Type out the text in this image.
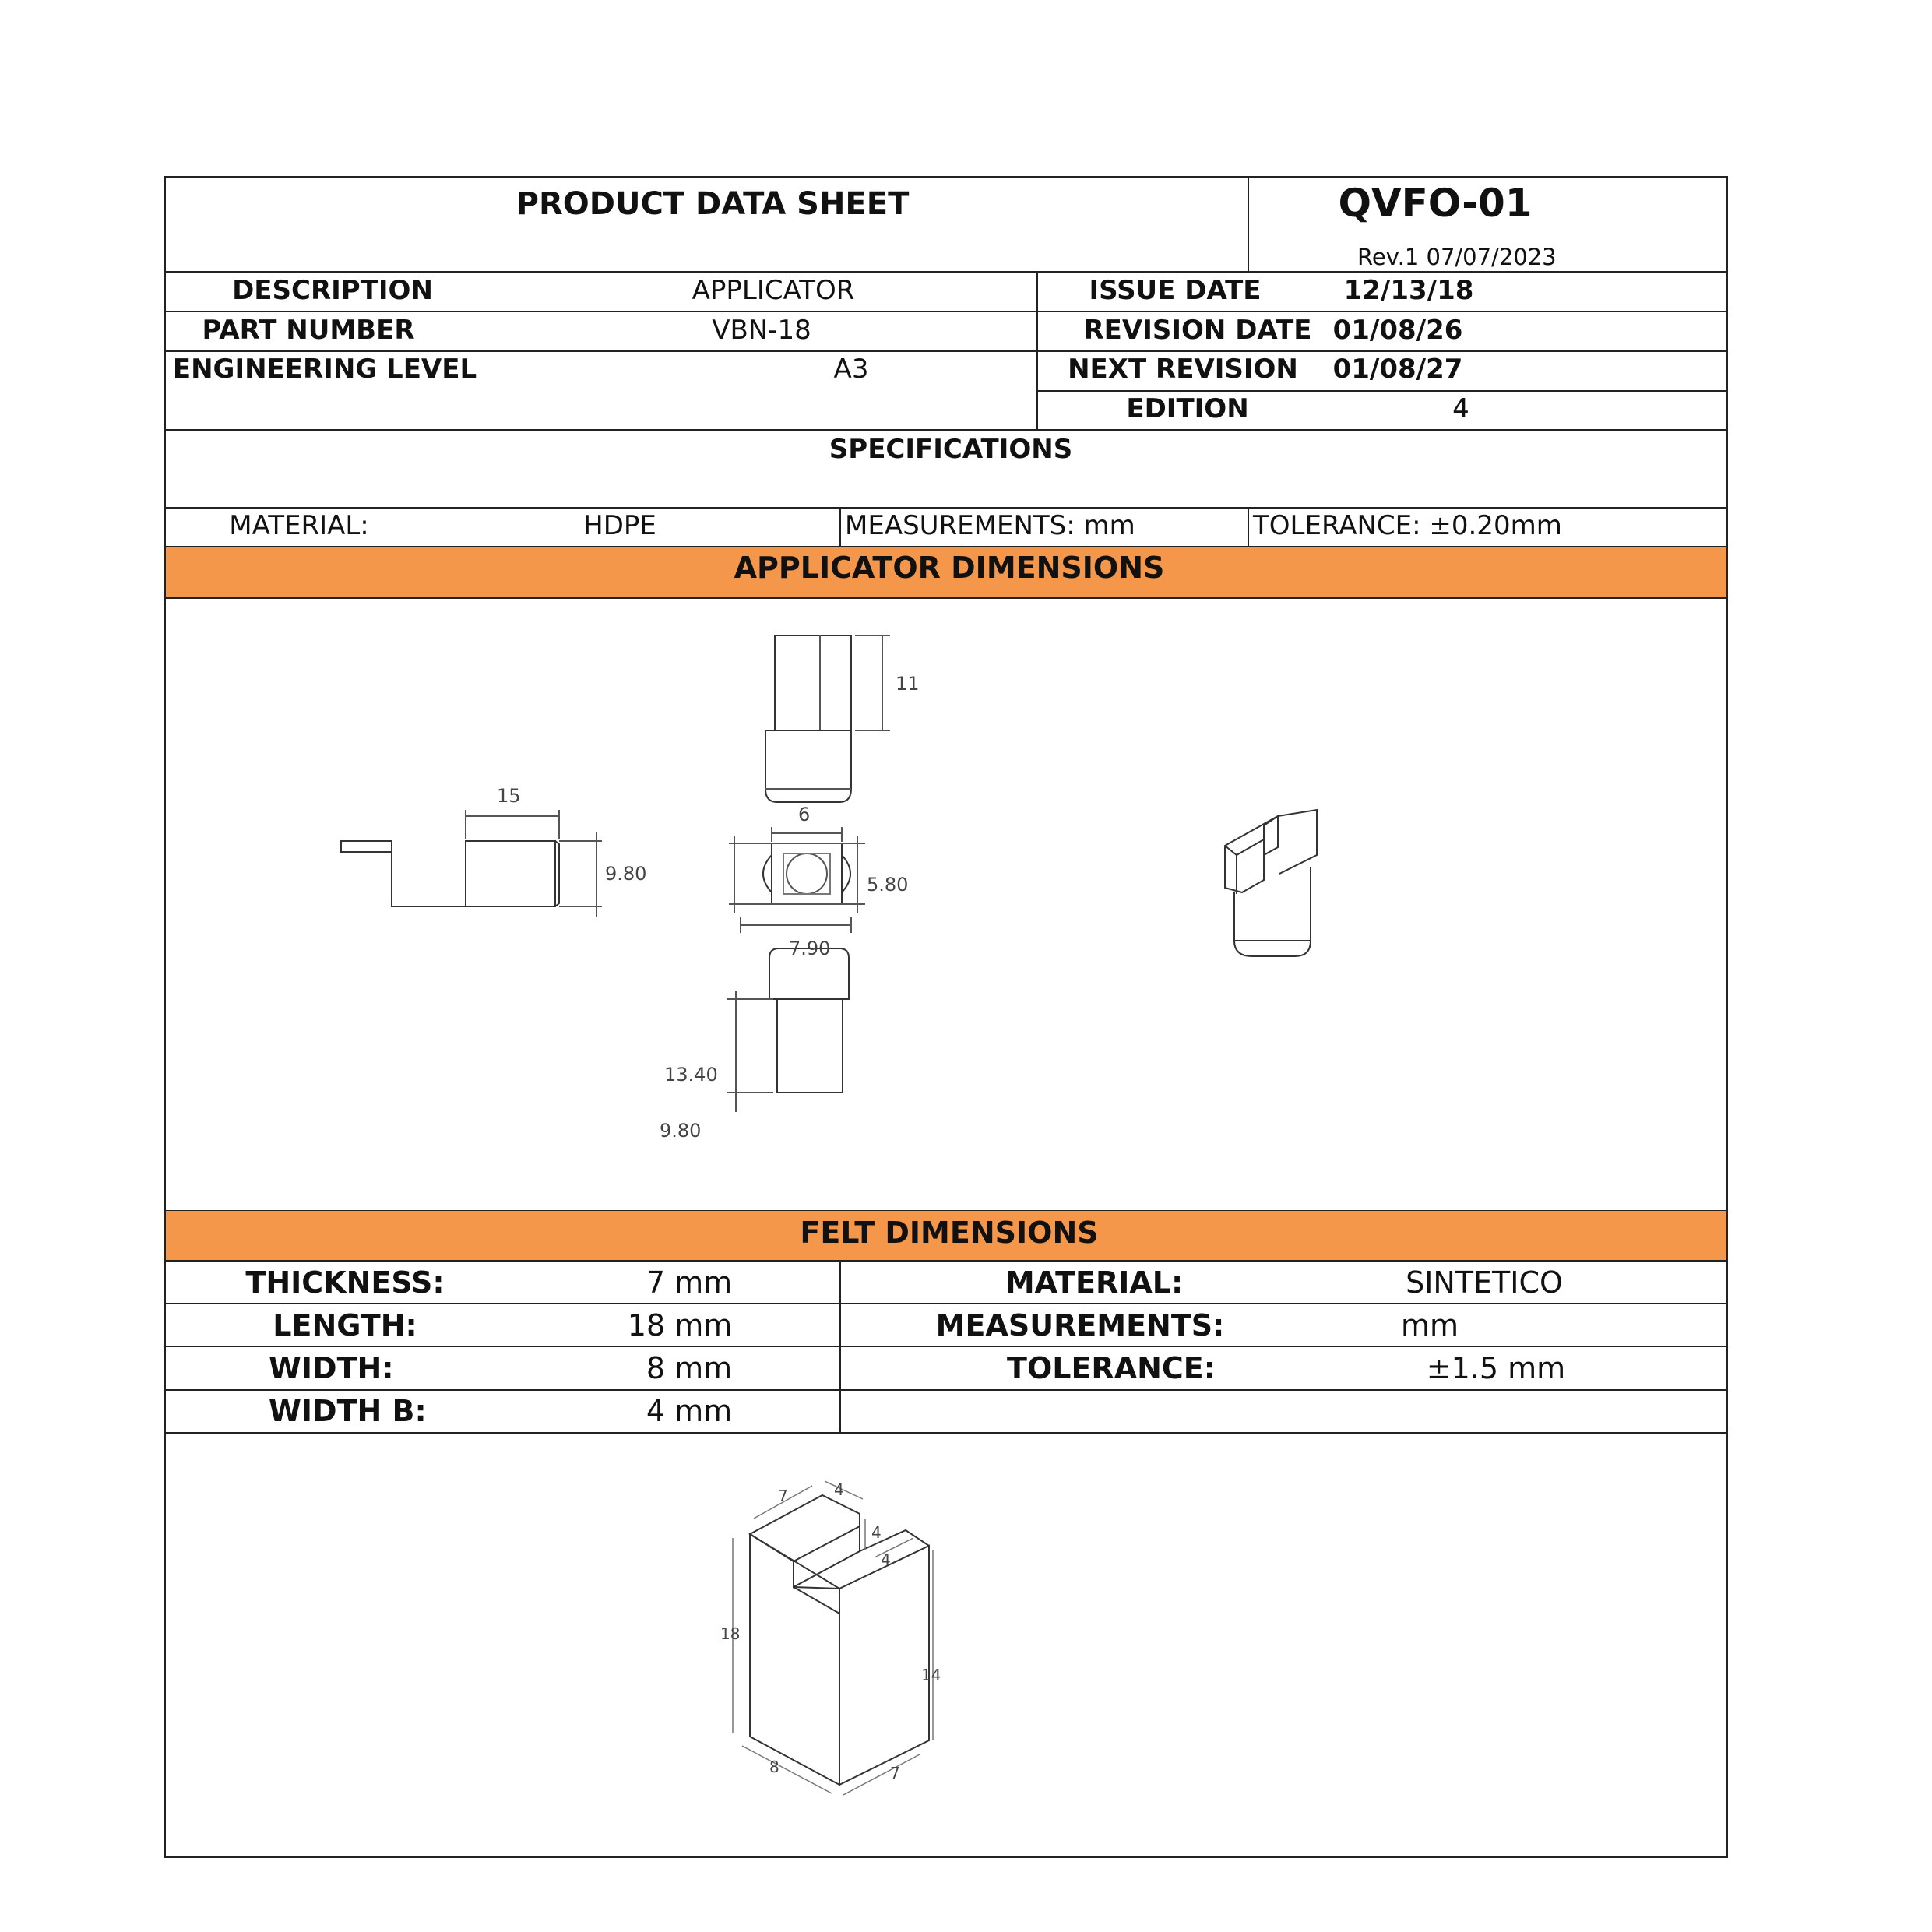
PRODUCT DATA SHEET	QVFO-01
Rev.1 07/07/2023
DESCRIPTION	APPLICATOR
PART NUMBER	VBN-18
ENGINEERING LEVEL	A3
ISSUE DATE	12/13/18
REVISION DATE 01/08/26
NEXT REVISION 01/08/27
EDITION	4
SPECIFICATIONS
MATERIAL:	HDPE	MEASUREMENTS: mm	TOLERANCE: ±0.20mm
APPLICATOR DIMENSIONS
11
15
9.80
6
5.80
7.90
13.40
9.80
FELT DIMENSIONS
THICKNESS:	7 mm
LENGTH:	18 mm
WIDTH:	8 mm
WIDTH B:	4 mm
MATERIAL:	SINTETICO
MEASUREMENTS:	mm
TOLERANCE:	±1.5 mm
7	4
4
4
18
14
8	7
